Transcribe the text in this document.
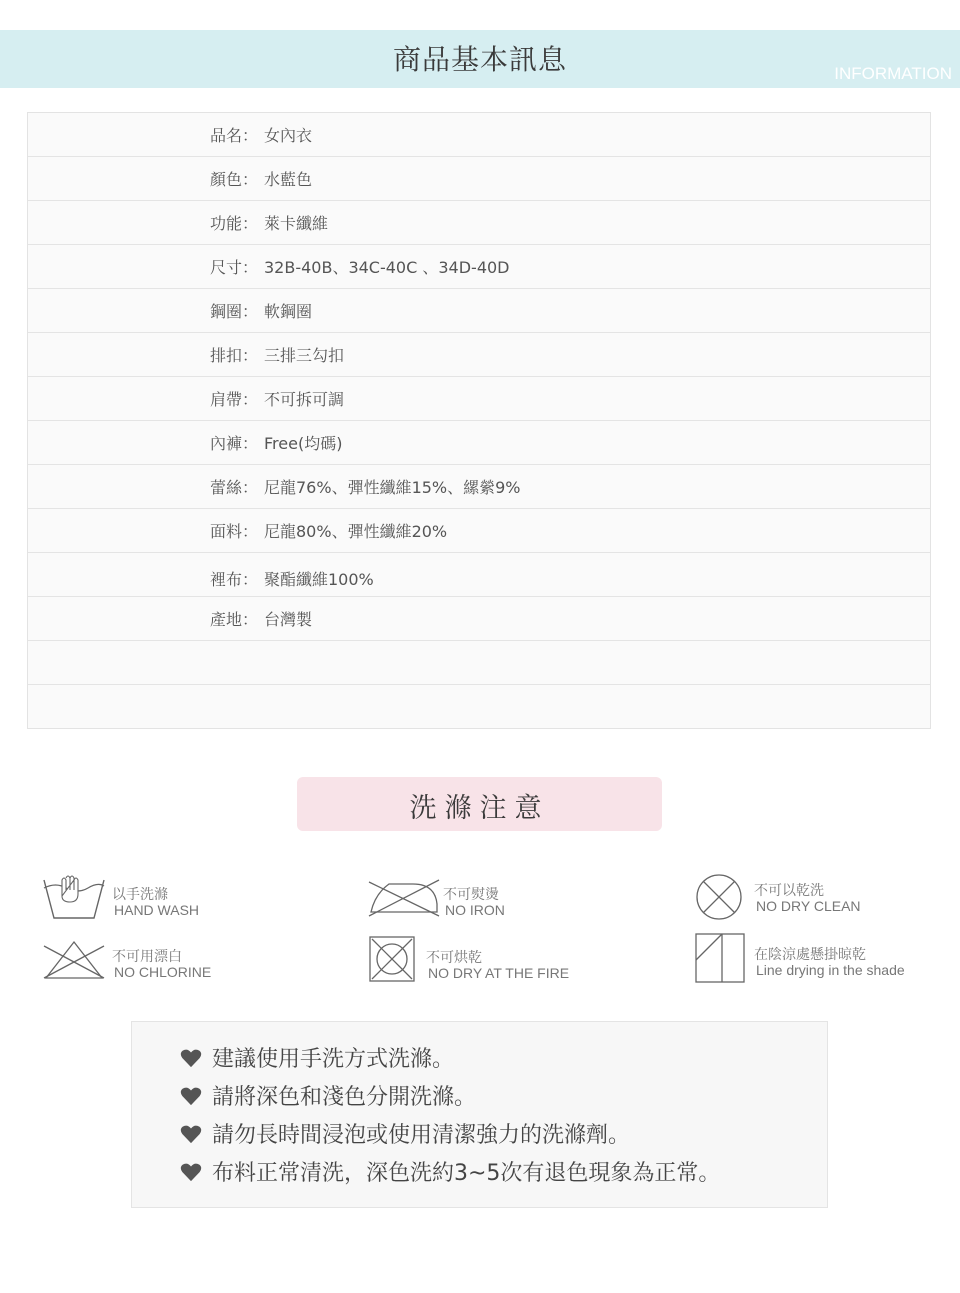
商品基本訊息	INFORMATION
品名： 女內衣
顏色： 水藍色
功能： 萊卡纖維
尺寸： 32B-40B、34C-40C 、34D-40D
鋼圈： 軟鋼圈
排扣： 三排三勾扣
肩帶： 不可拆可調
內褲： Free(均碼)
蕾絲： 尼龍76%、彈性纖維15%、縲縈9%
面料： 尼龍80%、彈性纖維20%
裡布： 聚酯纖維100%
產地： 台灣製
洗滌注意
以手洗滌
HAND WASH
不可熨燙
NO IRON
不可以乾洗
NO DRY CLEAN
不可用漂白
NO CHLORINE
不可烘乾
NO DRY AT THE FIRE
在陰涼處懸掛晾乾
Line drying in the shade
建議使用手洗方式洗滌。
請將深色和淺色分開洗滌。
請勿長時間浸泡或使用清潔強力的洗滌劑。
布料正常清洗，深色洗約3~5次有退色現象為正常。
